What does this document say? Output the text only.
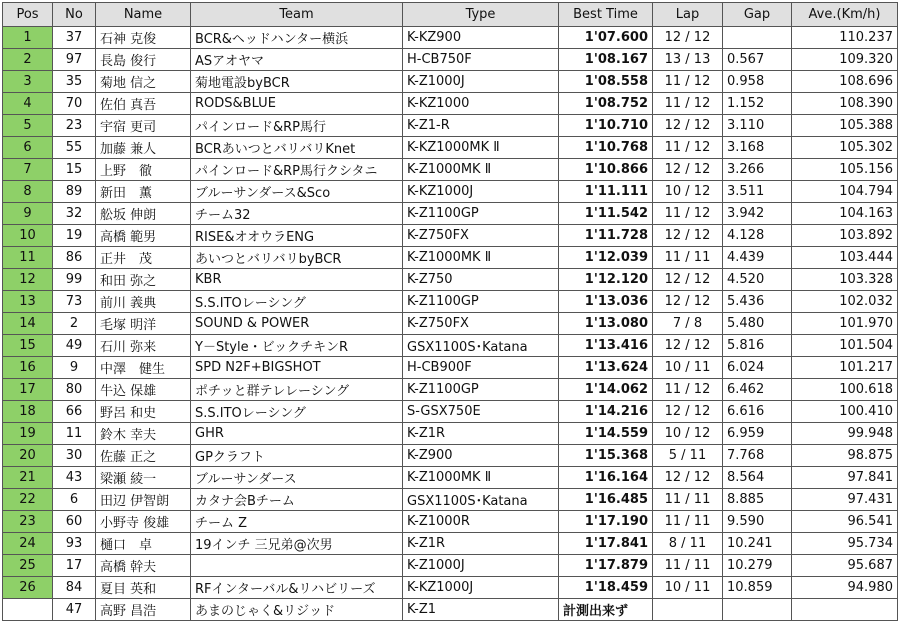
Pos	No	Name	Team	Type	Best Time	Lap	Gap	Ave.(Km/h)
1	37	石神 克俊	BCR&ヘッドハンター横浜	K-KZ900	1'07.600	12 / 12		110.237
2	97	長島 俊行	ASアオヤマ	H-CB750F	1'08.167	13 / 13	0.567	109.320
3	35	菊地 信之	菊地電設byBCR	K-Z1000J	1'08.558	11 / 12	0.958	108.696
4	70	佐伯 真吾	RODS&BLUE	K-KZ1000	1'08.752	11 / 12	1.152	108.390
5	23	宇宿 更司	パインロード&RP馬行	K-Z1-R	1'10.710	12 / 12	3.110	105.388
6	55	加藤 兼人	BCRあいつとバリバリKnet	K-KZ1000MK Ⅱ	1'10.768	11 / 12	3.168	105.302
7	15	上野　徹	パインロード&RP馬行クシタニ	K-Z1000MK Ⅱ	1'10.866	12 / 12	3.266	105.156
8	89	新田　薫	ブルーサンダース&Sco	K-KZ1000J	1'11.111	10 / 12	3.511	104.794
9	32	舩坂 伸朗	チーム32	K-Z1100GP	1'11.542	11 / 12	3.942	104.163
10	19	高橋 範男	RISE&オオウラENG	K-Z750FX	1'11.728	12 / 12	4.128	103.892
11	86	正井　茂	あいつとバリバリbyBCR	K-Z1000MK Ⅱ	1'12.039	11 / 11	4.439	103.444
12	99	和田 弥之	KBR	K-Z750	1'12.120	12 / 12	4.520	103.328
13	73	前川 義典	S.S.ITOレーシング	K-Z1100GP	1'13.036	12 / 12	5.436	102.032
14	2	毛塚 明洋	SOUND & POWER	K-Z750FX	1'13.080	7 / 8	5.480	101.970
15	49	石川 弥来	Y－Style・ビックチキンR	GSX1100S･Katana	1'13.416	12 / 12	5.816	101.504
16	9	中澤　健生	SPD N2F+BIGSHOT	H-CB900F	1'13.624	10 / 11	6.024	101.217
17	80	牛込 保雄	ポチッと群テレレーシング	K-Z1100GP	1'14.062	11 / 12	6.462	100.618
18	66	野呂 和史	S.S.ITOレーシング	S-GSX750E	1'14.216	12 / 12	6.616	100.410
19	11	鈴木 幸夫	GHR	K-Z1R	1'14.559	10 / 12	6.959	99.948
20	30	佐藤 正之	GPクラフト	K-Z900	1'15.368	5 / 11	7.768	98.875
21	43	梁瀬 綾一	ブルーサンダース	K-Z1000MK Ⅱ	1'16.164	12 / 12	8.564	97.841
22	6	田辺 伊智朗	カタナ会Bチーム	GSX1100S･Katana	1'16.485	11 / 11	8.885	97.431
23	60	小野寺 俊雄	チーム Z	K-Z1000R	1'17.190	11 / 11	9.590	96.541
24	93	樋口　卓	19インチ 三兄弟@次男	K-Z1R	1'17.841	8 / 11	10.241	95.734
25	17	高橋 幹夫		K-Z1000J	1'17.879	11 / 11	10.279	95.687
26	84	夏目 英和	RFインターバル&リハビリーズ	K-KZ1000J	1'18.459	10 / 11	10.859	94.980
	47	高野 昌浩	あまのじゃく&リジッド	K-Z1	計測出来ず			
